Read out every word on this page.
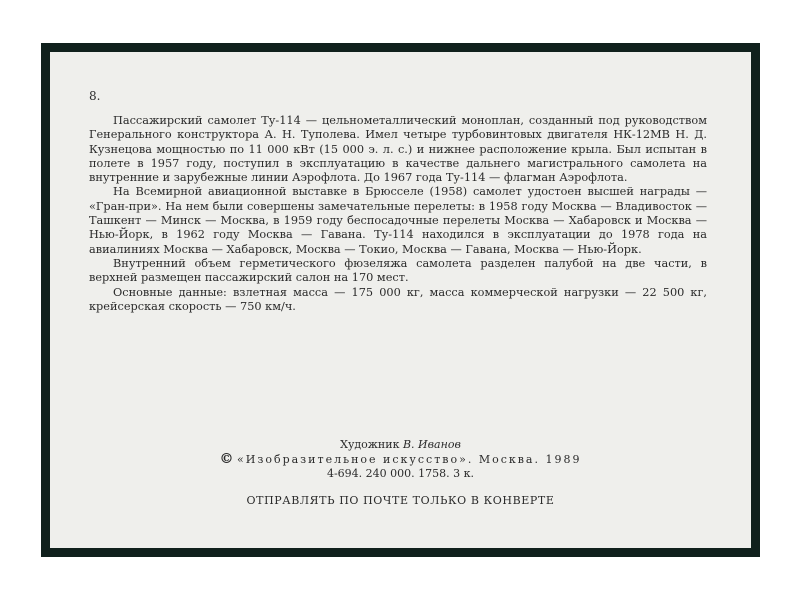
8.

Пассажирский самолет Ту-114 — цельнометаллический моноплан, созданный под руководством Генерального конструктора А. Н. Туполева. Имел четыре турбовинтовых двигателя НК-12МВ Н. Д. Кузнецова мощностью по 11 000 кВт (15 000 э. л. с.) и нижнее расположение крыла. Был испытан в полете в 1957 году, поступил в эксплуатацию в качестве дальнего магистрального самолета на внутренние и зарубежные линии Аэрофлота. До 1967 года Ту-114 — флагман Аэрофлота.

На Всемирной авиационной выставке в Брюсселе (1958) самолет удостоен высшей награды — «Гран-при». На нем были совершены замечательные перелеты: в 1958 году Москва — Владивосток — Ташкент — Минск — Москва, в 1959 году беспосадочные перелеты Москва — Хабаровск и Москва — Нью-Йорк, в 1962 году Москва — Гавана. Ту-114 находился в эксплуатации до 1978 года на авиалиниях Москва — Хабаровск, Москва — Токио, Москва — Гавана, Москва — Нью-Йорк.

Внутренний объем герметического фюзеляжа самолета разделен палубой на две части, в верхней размещен пассажирский салон на 170 мест.

Основные данные: взлетная масса — 175 000 кг, масса коммерческой нагрузки — 22 500 кг, крейсерская скорость — 750 км/ч.

Художник В. Иванов
© «Изобразительное искусство». Москва. 1989
4-694. 240 000. 1758. 3 к.
ОТПРАВЛЯТЬ ПО ПОЧТЕ ТОЛЬКО В КОНВЕРТЕ
